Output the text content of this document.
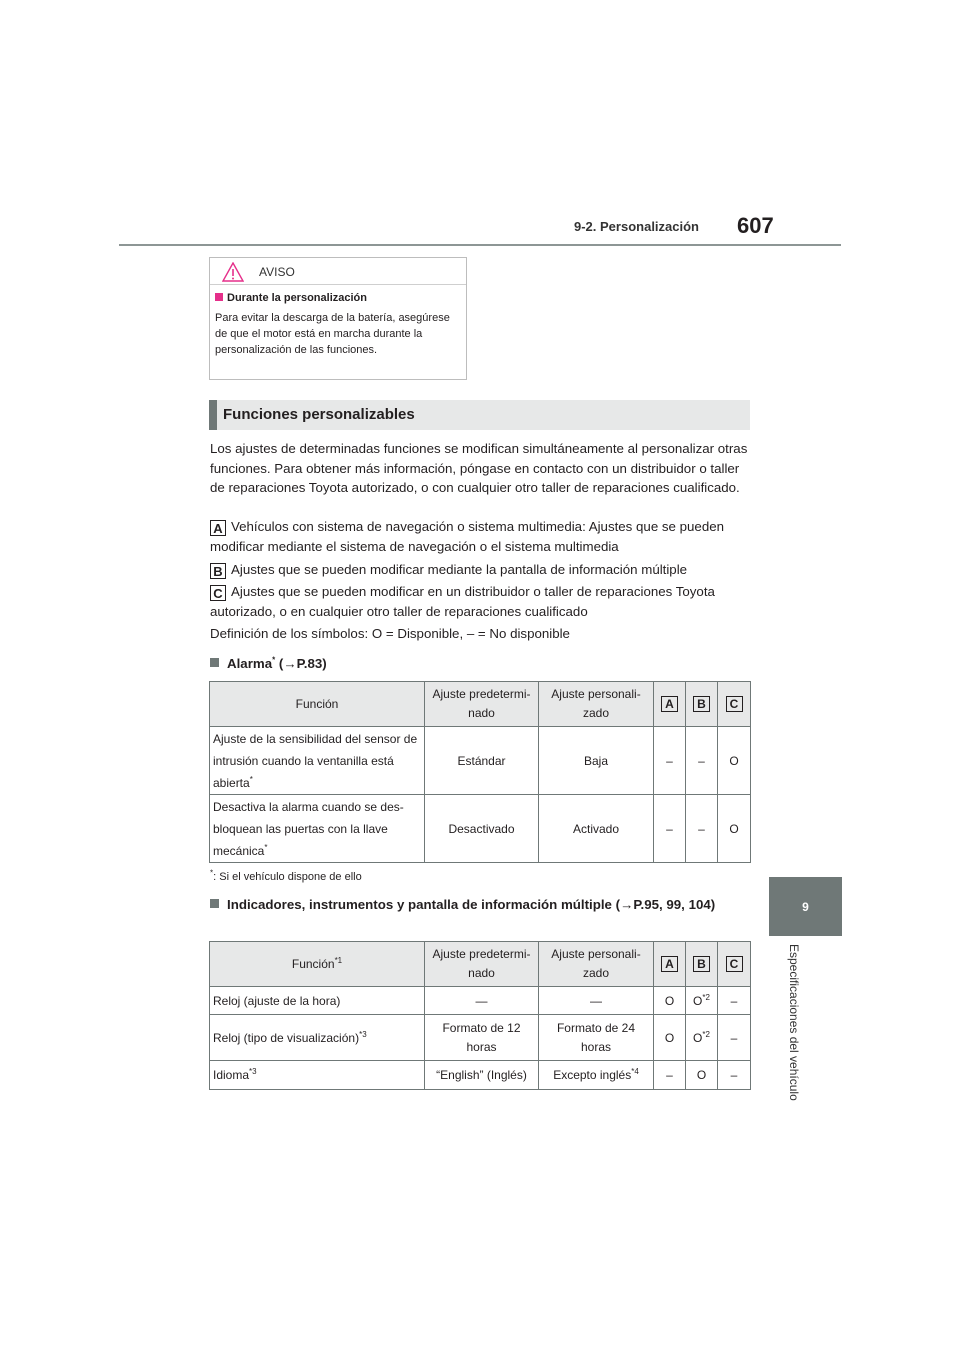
9-2. Personalización 607
9
Especificaciones del vehículo
AVISO
Durante la personalización
Para evitar la descarga de la batería, asegúrese de que el motor está en marcha durante la personalización de las funciones.
Funciones personalizables
Los ajustes de determinadas funciones se modifican simultáneamente al personalizar otras funciones. Para obtener más información, póngase en contacto con un distribuidor o taller de reparaciones Toyota autorizado, o con cualquier otro taller de reparaciones cualificado.
A Vehículos con sistema de navegación o sistema multimedia: Ajustes que se pueden modificar mediante el sistema de navegación o el sistema multimedia
B Ajustes que se pueden modificar mediante la pantalla de información múltiple
C Ajustes que se pueden modificar en un distribuidor o taller de reparaciones Toyota autorizado, o en cualquier otro taller de reparaciones cualificado
Definición de los símbolos: O = Disponible, – = No disponible
Alarma* (→P.83)
Función	Ajuste predeterminado	Ajuste personalizado	A	B	C
Ajuste de la sensibilidad del sensor de intrusión cuando la ventanilla está abierta*	Estándar	Baja	–	–	O
Desactiva la alarma cuando se desbloquean las puertas con la llave mecánica*	Desactivado	Activado	–	–	O
*: Si el vehículo dispone de ello
Indicadores, instrumentos y pantalla de información múltiple (→P.95, 99, 104)
Función$^{*1}$	Ajuste predeterminado	Ajuste personalizado	A	B	C
Reloj (ajuste de la hora)	—	—	O	$O^{*2}$	–
Reloj (tipo de visualización)$^{*3}$	Formato de 12 horas	Formato de 24 horas	O	$O^{*2}$	–
Idioma$^{*3}$	“English” (Inglés)	Excepto inglés$^{*4}$	–	O	–
